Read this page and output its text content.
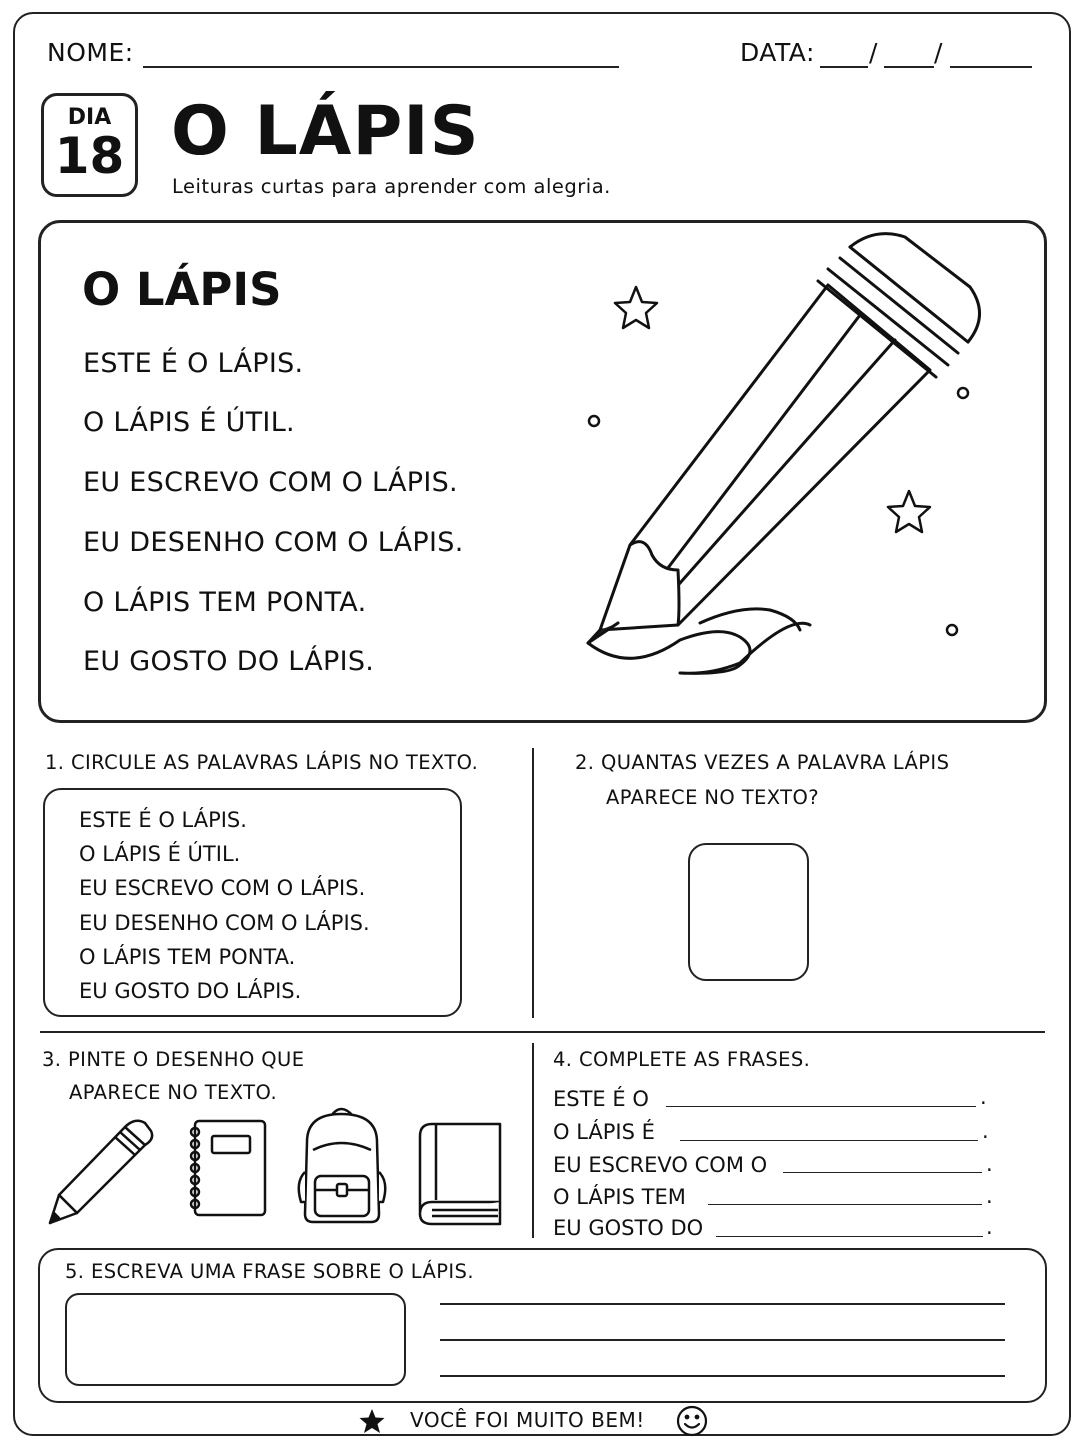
NOME:	DATA: / /
DIA
18 O LÁPIS
Leituras curtas para aprender com alegria.
O LÁPIS
ESTE É O LÁPIS.
O LÁPIS É ÚTIL.
EU ESCREVO COM O LÁPIS.
EU DESENHO COM O LÁPIS.
O LÁPIS TEM PONTA.
EU GOSTO DO LÁPIS.
1. CIRCULE AS PALAVRAS LÁPIS NO TEXTO.
ESTE É O LÁPIS.
O LÁPIS É ÚTIL.
EU ESCREVO COM O LÁPIS.
EU DESENHO COM O LÁPIS.
O LÁPIS TEM PONTA.
EU GOSTO DO LÁPIS.
2. QUANTAS VEZES A PALAVRA LÁPIS
APARECE NO TEXTO?
3. PINTE O DESENHO QUE
APARECE NO TEXTO.
4. COMPLETE AS FRASES.
ESTE É O	.
O LÁPIS É	.
EU ESCREVO COM O	.
O LÁPIS TEM	.
EU GOSTO DO	.
5. ESCREVA UMA FRASE SOBRE O LÁPIS.
VOCÊ FOI MUITO BEM!
